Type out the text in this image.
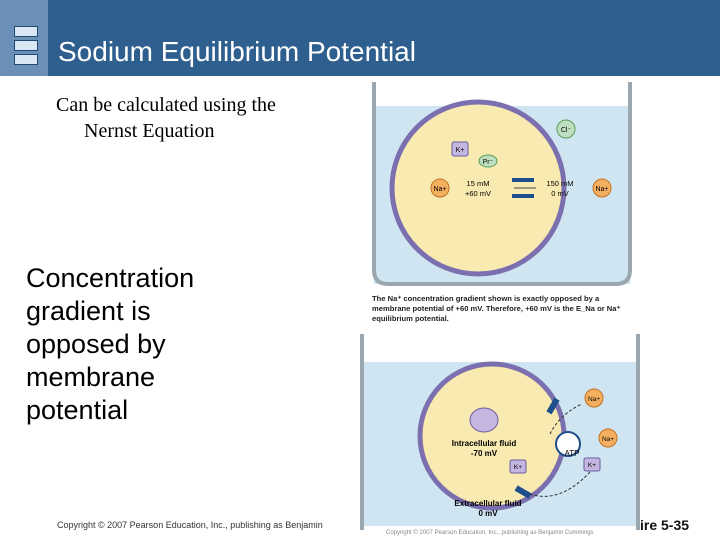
Sodium Equilibrium Potential
Can be calculated using the
Nernst Equation
Concentration gradient is opposed by membrane potential
K+
Pr⁻
Cl⁻
Na+	Na+
15 mM
+60 mV
150 mM
0 mV
The Na⁺ concentration gradient shown is exactly opposed by a membrane potential of +60 mV. Therefore, +60 mV is the E_Na or Na⁺ equilibrium potential.
ATP
Na+
Na+
K+	K+
Intracellular fluid
-70 mV
Extracellular fluid
0 mV
Copyright © 2007 Pearson Education, Inc., publishing as Benjamin Cummings
Copyright © 2007 Pearson Education, Inc., publishing as Benjamin	ire 5-35
